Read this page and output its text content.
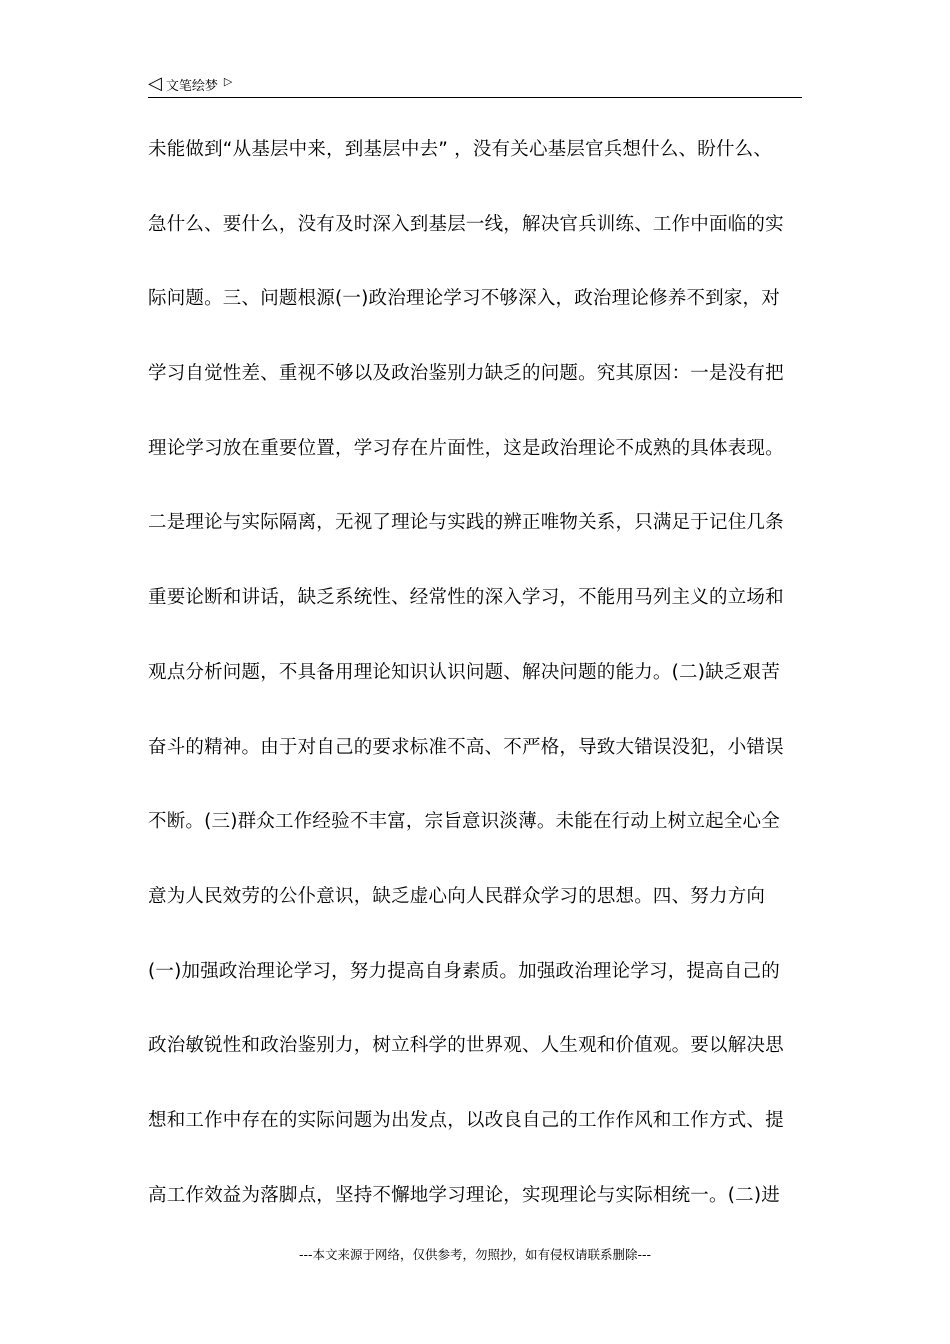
◁ 文笔绘梦 ▷
未能做到“从基层中来，到基层中去” ，没有关心基层官兵想什么、盼什么、
急什么、要什么，没有及时深入到基层一线，解决官兵训练、工作中面临的实
际问题。三、问题根源(一)政治理论学习不够深入，政治理论修养不到家，对
学习自觉性差、重视不够以及政治鉴别力缺乏的问题。究其原因：一是没有把
理论学习放在重要位置，学习存在片面性，这是政治理论不成熟的具体表现。
二是理论与实际隔离，无视了理论与实践的辨正唯物关系，只满足于记住几条
重要论断和讲话，缺乏系统性、经常性的深入学习，不能用马列主义的立场和
观点分析问题，不具备用理论知识认识问题、解决问题的能力。(二)缺乏艰苦
奋斗的精神。由于对自己的要求标准不高、不严格，导致大错误没犯，小错误
不断。(三)群众工作经验不丰富，宗旨意识淡薄。未能在行动上树立起全心全
意为人民效劳的公仆意识，缺乏虚心向人民群众学习的思想。四、努力方向
(一)加强政治理论学习，努力提高自身素质。加强政治理论学习，提高自己的
政治敏锐性和政治鉴别力，树立科学的世界观、人生观和价值观。要以解决思
想和工作中存在的实际问题为出发点，以改良自己的工作作风和工作方式、提
高工作效益为落脚点，坚持不懈地学习理论，实现理论与实际相统一。(二)进
---本文来源于网络，仅供参考，勿照抄，如有侵权请联系删除---
